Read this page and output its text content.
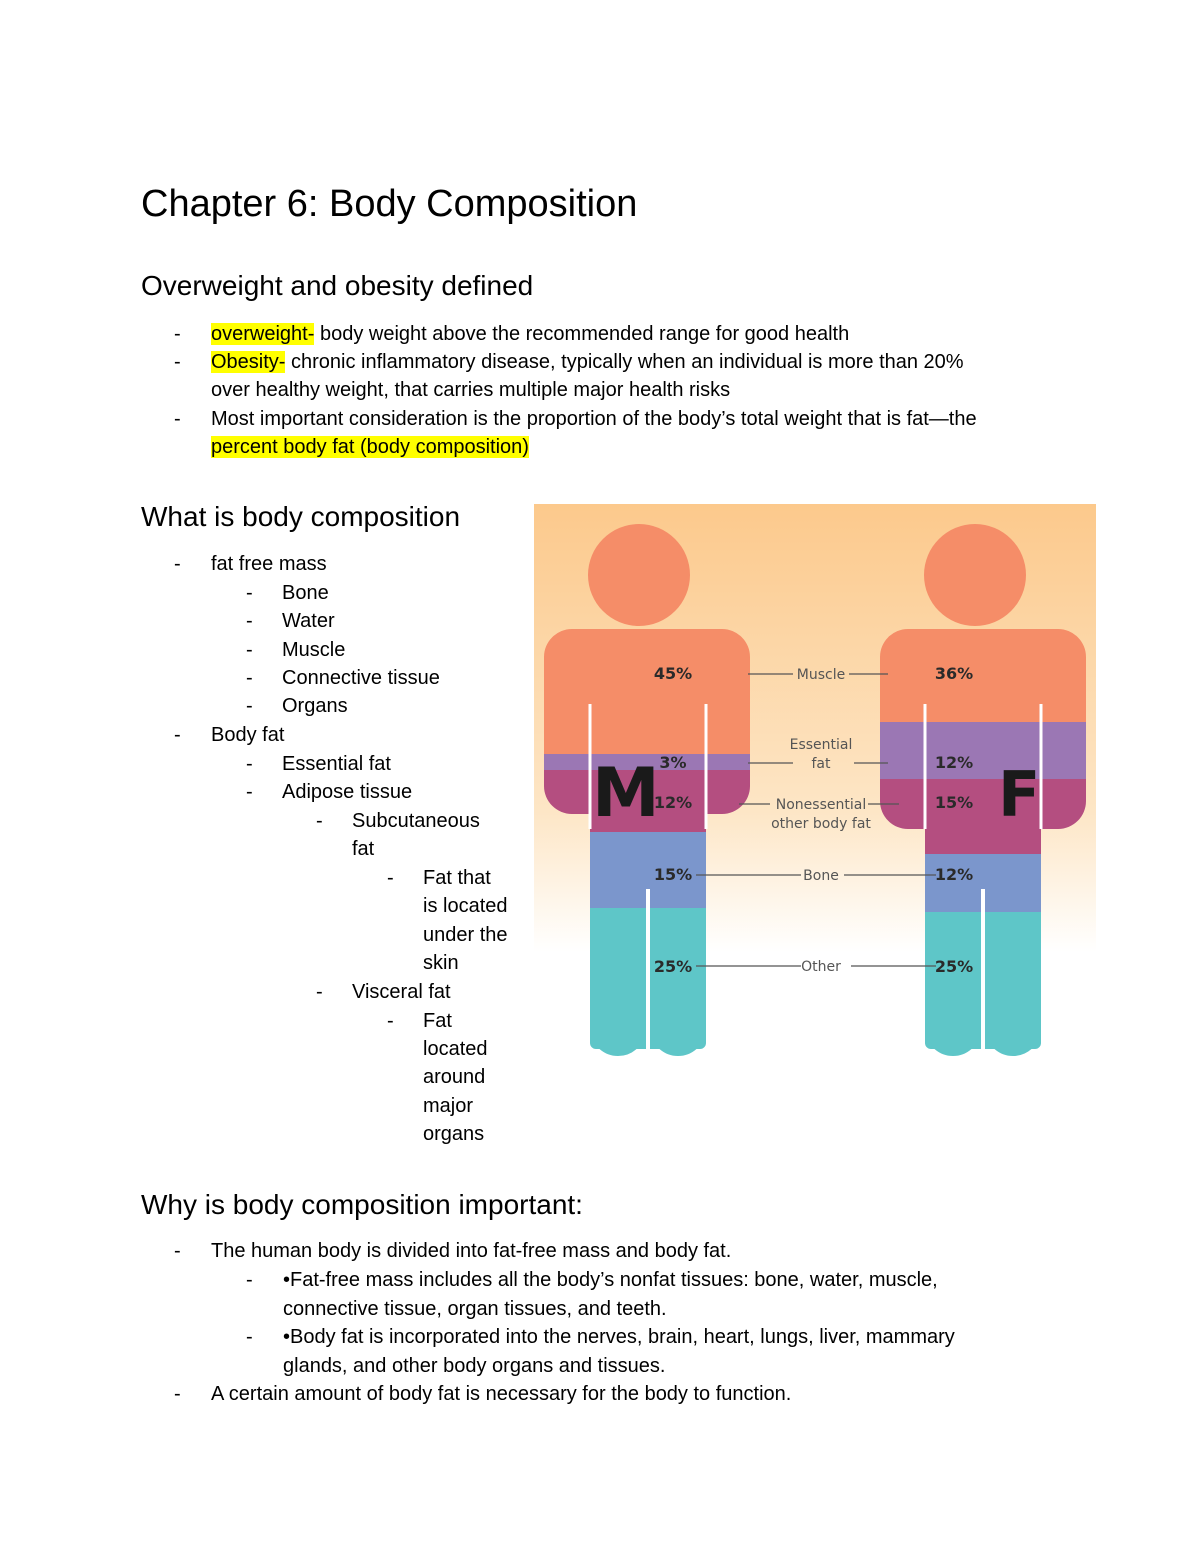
Chapter 6: Body Composition
Overweight and obesity defined
- overweight- body weight above the recommended range for good health
- Obesity- chronic inflammatory disease, typically when an individual is more than 20%
over healthy weight, that carries multiple major health risks
- Most important consideration is the proportion of the body’s total weight that is fat—the
percent body fat (body composition)
What is body composition
- fat free mass
- Bone
- Water
- Muscle
- Connective tissue
- Organs
- Body fat
- Essential fat
- Adipose tissue
- Subcutaneous
fat
- Fat that
is located
under the
skin
- Visceral fat
- Fat
located
around
major
organs
M	F
Muscle
Essential
fat
Nonessential
other body fat
Bone
Other
45%
3%
12%
15%
25%
36%
12%
15%
12%
25%
Why is body composition important:
- The human body is divided into fat-free mass and body fat.
- •Fat-free mass includes all the body’s nonfat tissues: bone, water, muscle,
connective tissue, organ tissues, and teeth.
- •Body fat is incorporated into the nerves, brain, heart, lungs, liver, mammary
glands, and other body organs and tissues.
- A certain amount of body fat is necessary for the body to function.
